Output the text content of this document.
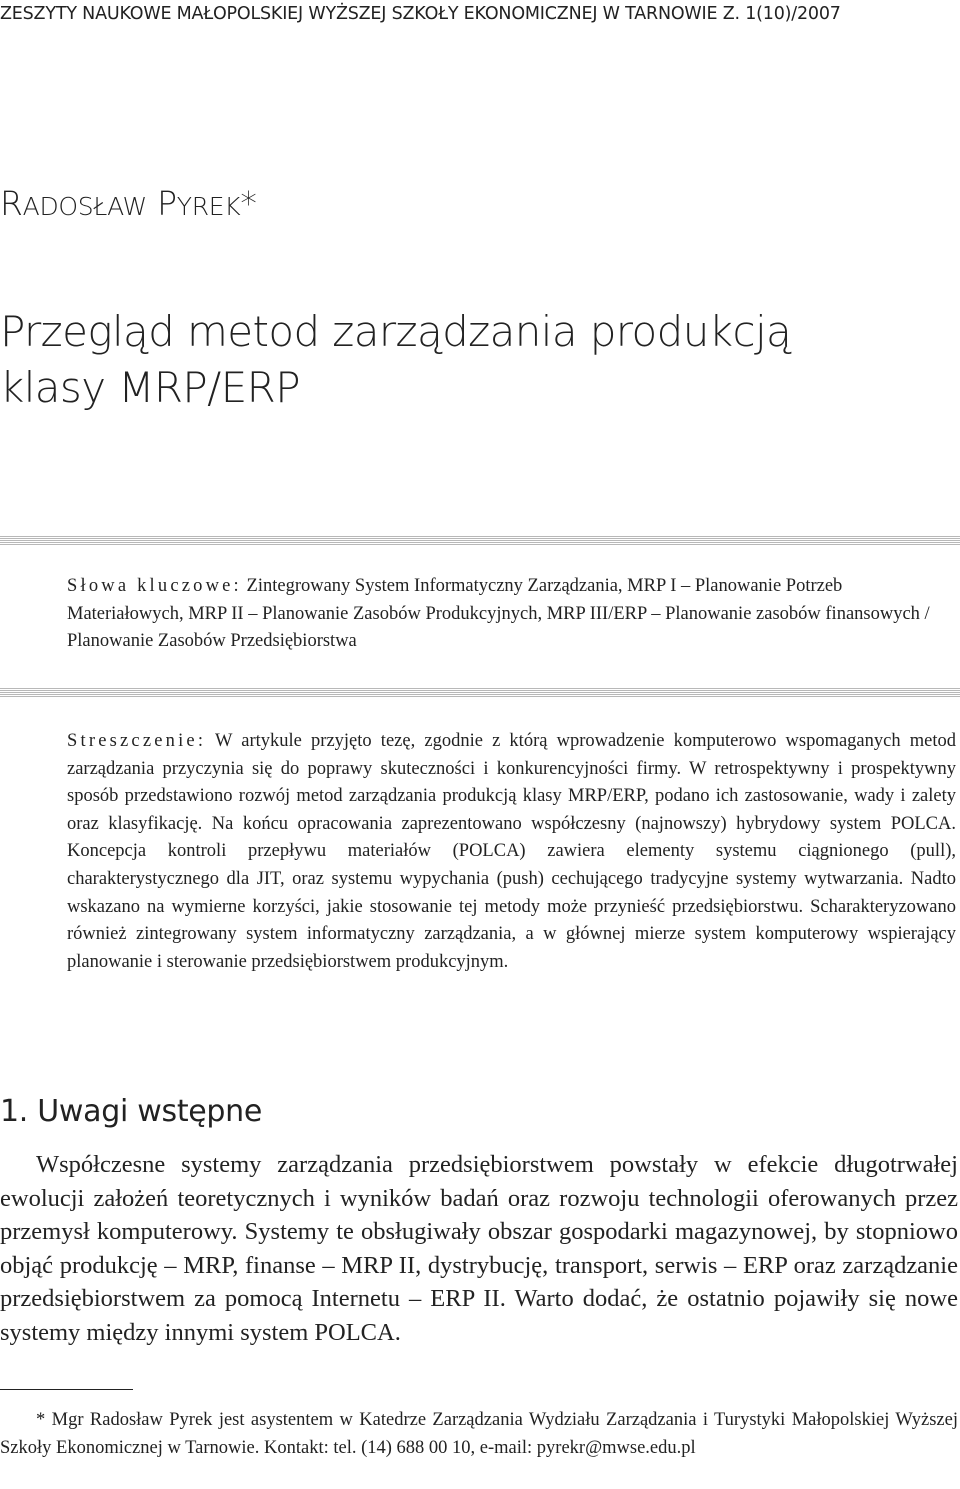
ZESZYTY NAUKOWE MAŁOPOLSKIEJ WYŻSZEJ SZKOŁY EKONOMICZNEJ W TARNOWIE Z. 1(10)/2007
RADOSŁAW PYREK*
Przegląd metod zarządzania produkcją
klasy MRP/ERP
Słowa kluczowe: Zintegrowany System Informatyczny Zarządzania, MRP I – Planowanie Potrzeb Materiałowych, MRP II – Planowanie Zasobów Produkcyjnych, MRP III/ERP – Planowanie zasobów finansowych / Planowanie Zasobów Przedsiębiorstwa
Streszczenie: W artykule przyjęto tezę, zgodnie z którą wprowadzenie komputerowo wspomaganych metod zarządzania przyczynia się do poprawy skuteczności i konkurencyjności firmy. W retrospektywny i prospektywny sposób przedstawiono rozwój metod zarządzania produkcją klasy MRP/ERP, podano ich zastosowanie, wady i zalety oraz klasyfikację. Na końcu opracowania zaprezentowano współczesny (najnowszy) hybrydowy system POLCA. Koncepcja kontroli przepływu materiałów (POLCA) zawiera elementy systemu ciągnionego (pull), charakterystycznego dla JIT, oraz systemu wypychania (push) cechującego tradycyjne systemy wytwarzania. Nadto wskazano na wymierne korzyści, jakie stosowanie tej metody może przynieść przedsiębiorstwu. Scharakteryzowano również zintegrowany system informatyczny zarządzania, a w głównej mierze system komputerowy wspierający planowanie i sterowanie przedsiębiorstwem produkcyjnym.
1. Uwagi wstępne
Współczesne systemy zarządzania przedsiębiorstwem powstały w efekcie długotrwałej ewolucji założeń teoretycznych i wyników badań oraz rozwoju technologii oferowanych przez przemysł komputerowy. Systemy te obsługiwały obszar gospodarki magazynowej, by stopniowo objąć produkcję – MRP, finanse – MRP II, dystrybucję, transport, serwis – ERP oraz zarządzanie przedsiębiorstwem za pomocą Internetu – ERP II. Warto dodać, że ostatnio pojawiły się nowe systemy między innymi system POLCA.
* Mgr Radosław Pyrek jest asystentem w Katedrze Zarządzania Wydziału Zarządzania i Turystyki Małopolskiej Wyższej Szkoły Ekonomicznej w Tarnowie. Kontakt: tel. (14) 688 00 10, e-mail: pyrekr@mwse.edu.pl
